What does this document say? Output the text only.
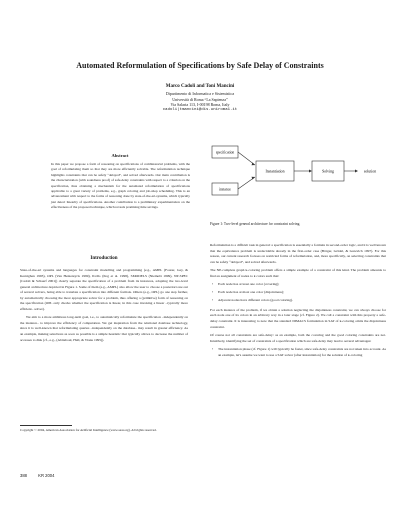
Automated Reformulation of Specifications by Safe Delay of Constraints
Marco Cadoli and Toni Mancini
Dipartimento di Informatica e Sistemistica
Università di Roma “La Sapienza”
Via Salaria 113, I-00198 Roma, Italy
cadoli|tmancini@dis.uniroma1.it
Abstract
In this paper we propose a form of reasoning on specifications of combinatorial problems, with the goal of reformulating them so that they are more efficiently solvable. The reformulation technique highlights constraints that can be safely “delayed”, and solved afterwards. Our main contribution is the characterization (with soundness proof) of safe-delay constraints with respect to a criterion on the specification, thus obtaining a mechanism for the automated reformulation of specifications applicable to a great variety of problems, e.g., graph coloring and job-shop scheduling. This is an advancement with respect to the forms of reasoning done by state-of-the-art-systems, which typically just detect linearity of specifications. Another contribution is a preliminary experimentation on the effectiveness of the proposed technique, which reveals promising time savings.
Introduction

State-of-the-art systems and languages for constraint modelling and programming (e.g., AMPL (Fourer, Gay, & Kernighan 1993), OPL (Van Hentenryck 1999), ILOG (Ilog et al. 1998), SMODELS (Niemelä 1999), NP-SPEC (Cadoli & Schaerf 2001)) clearly separate the specification of a problem from its instances, adopting the two-level general architecture depicted in Figure 1. Some of them (e.g., AMPL) also allow the user to choose a posteriori one out of several solvers, being able to translate a specification into different formats. Others (e.g., OPL) go one step further, by automatically choosing the most appropriate solver for a problem, thus offering a (primitive) form of reasoning on the specification (OPL only checks whether the specification is linear, in this case invoking a linear –typically more efficient– solver).

We aim to a more ambitious long-term goal, i.e., to automatically reformulate the specification –independently on the instance– to improve the efficiency of computation. We get inspiration from the relational database technology, since it is well-known that reformulating queries –independently on the database– may result in greater efficiency. As an example, making selections as soon as possible is a simple heuristic that typically allows to decrease the number of accesses to disk (cf., e.g., (Abiteboul, Hull, & Vianu 1995)).

Copyright © 2004, American Association for Artificial Intelligence (www.aaai.org). All rights reserved.
388	KR 2004
specification
instance
Instantiation	Solving	solution
Figure 1: Two-level general architecture for constraint solving.

Reformulation is a difficult task in general: a specification is essentially a formula in second-order logic, and it is well known that the equivalence problem is undecidable already in the first-order case (Börger, Grädel, & Gurevich 1997). For this reason, our current research focuses on restricted forms of reformulation, and, more specifically, on selecting constraints that can be safely “delayed”, and solved afterwards.

The NP-complete graph k-coloring problem offers a simple example of a constraint of this kind. The problem amounts to find an assignment of nodes to k colors such that:

• Each node has at least one color (covering);
• Each node has at most one color (disjointness);
• Adjacent nodes have different colors (good coloring).

For each instance of the problem, if we obtain a solution neglecting the disjointness constraint, we can always choose for each node one of its colors in an arbitrary way in a later stage (cf. Figure 2). We call a constraint with this property a safe-delay constraint. It is interesting to note that the standard DIMACS formulation in SAT of k-coloring omits the disjointness constraint.

Of course not all constraints are safe-delay: as an example, both the covering and the good coloring constraints are not. Intuitively, identifying the set of constraints of a specification which are safe-delay may lead to several advantages:

• The instantiation phase (cf. Figure 1) will typically be faster, since safe-delay constraints are not taken into account. As an example, let's assume we want to use a SAT solver (after instantiation) for the solution of k-coloring
